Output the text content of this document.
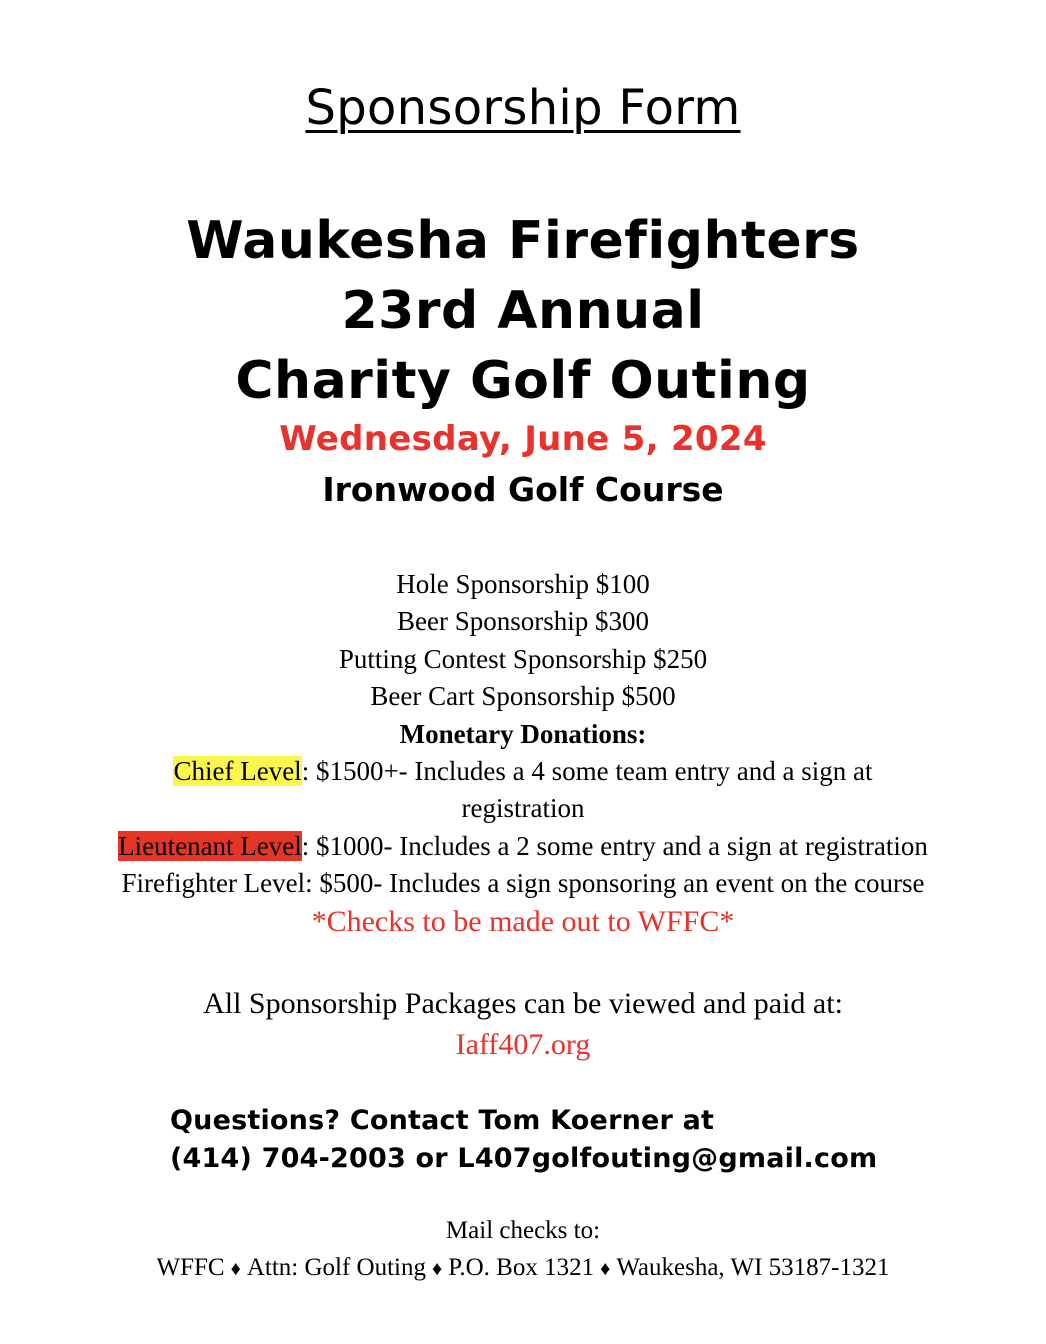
Sponsorship Form
Waukesha Firefighters
23rd Annual
Charity Golf Outing
Wednesday, June 5, 2024
Ironwood Golf Course
Hole Sponsorship $100
Beer Sponsorship $300
Putting Contest Sponsorship $250
Beer Cart Sponsorship $500
Monetary Donations:
Chief Level: $1500+- Includes a 4 some team entry and a sign at
registration
Lieutenant Level: $1000- Includes a 2 some entry and a sign at registration
Firefighter Level: $500- Includes a sign sponsoring an event on the course
*Checks to be made out to WFFC*
All Sponsorship Packages can be viewed and paid at:
Iaff407.org
Questions? Contact Tom Koerner at
(414) 704-2003 or L407golfouting@gmail.com
Mail checks to:
WFFC ♦ Attn: Golf Outing ♦ P.O. Box 1321 ♦ Waukesha, WI 53187-1321
